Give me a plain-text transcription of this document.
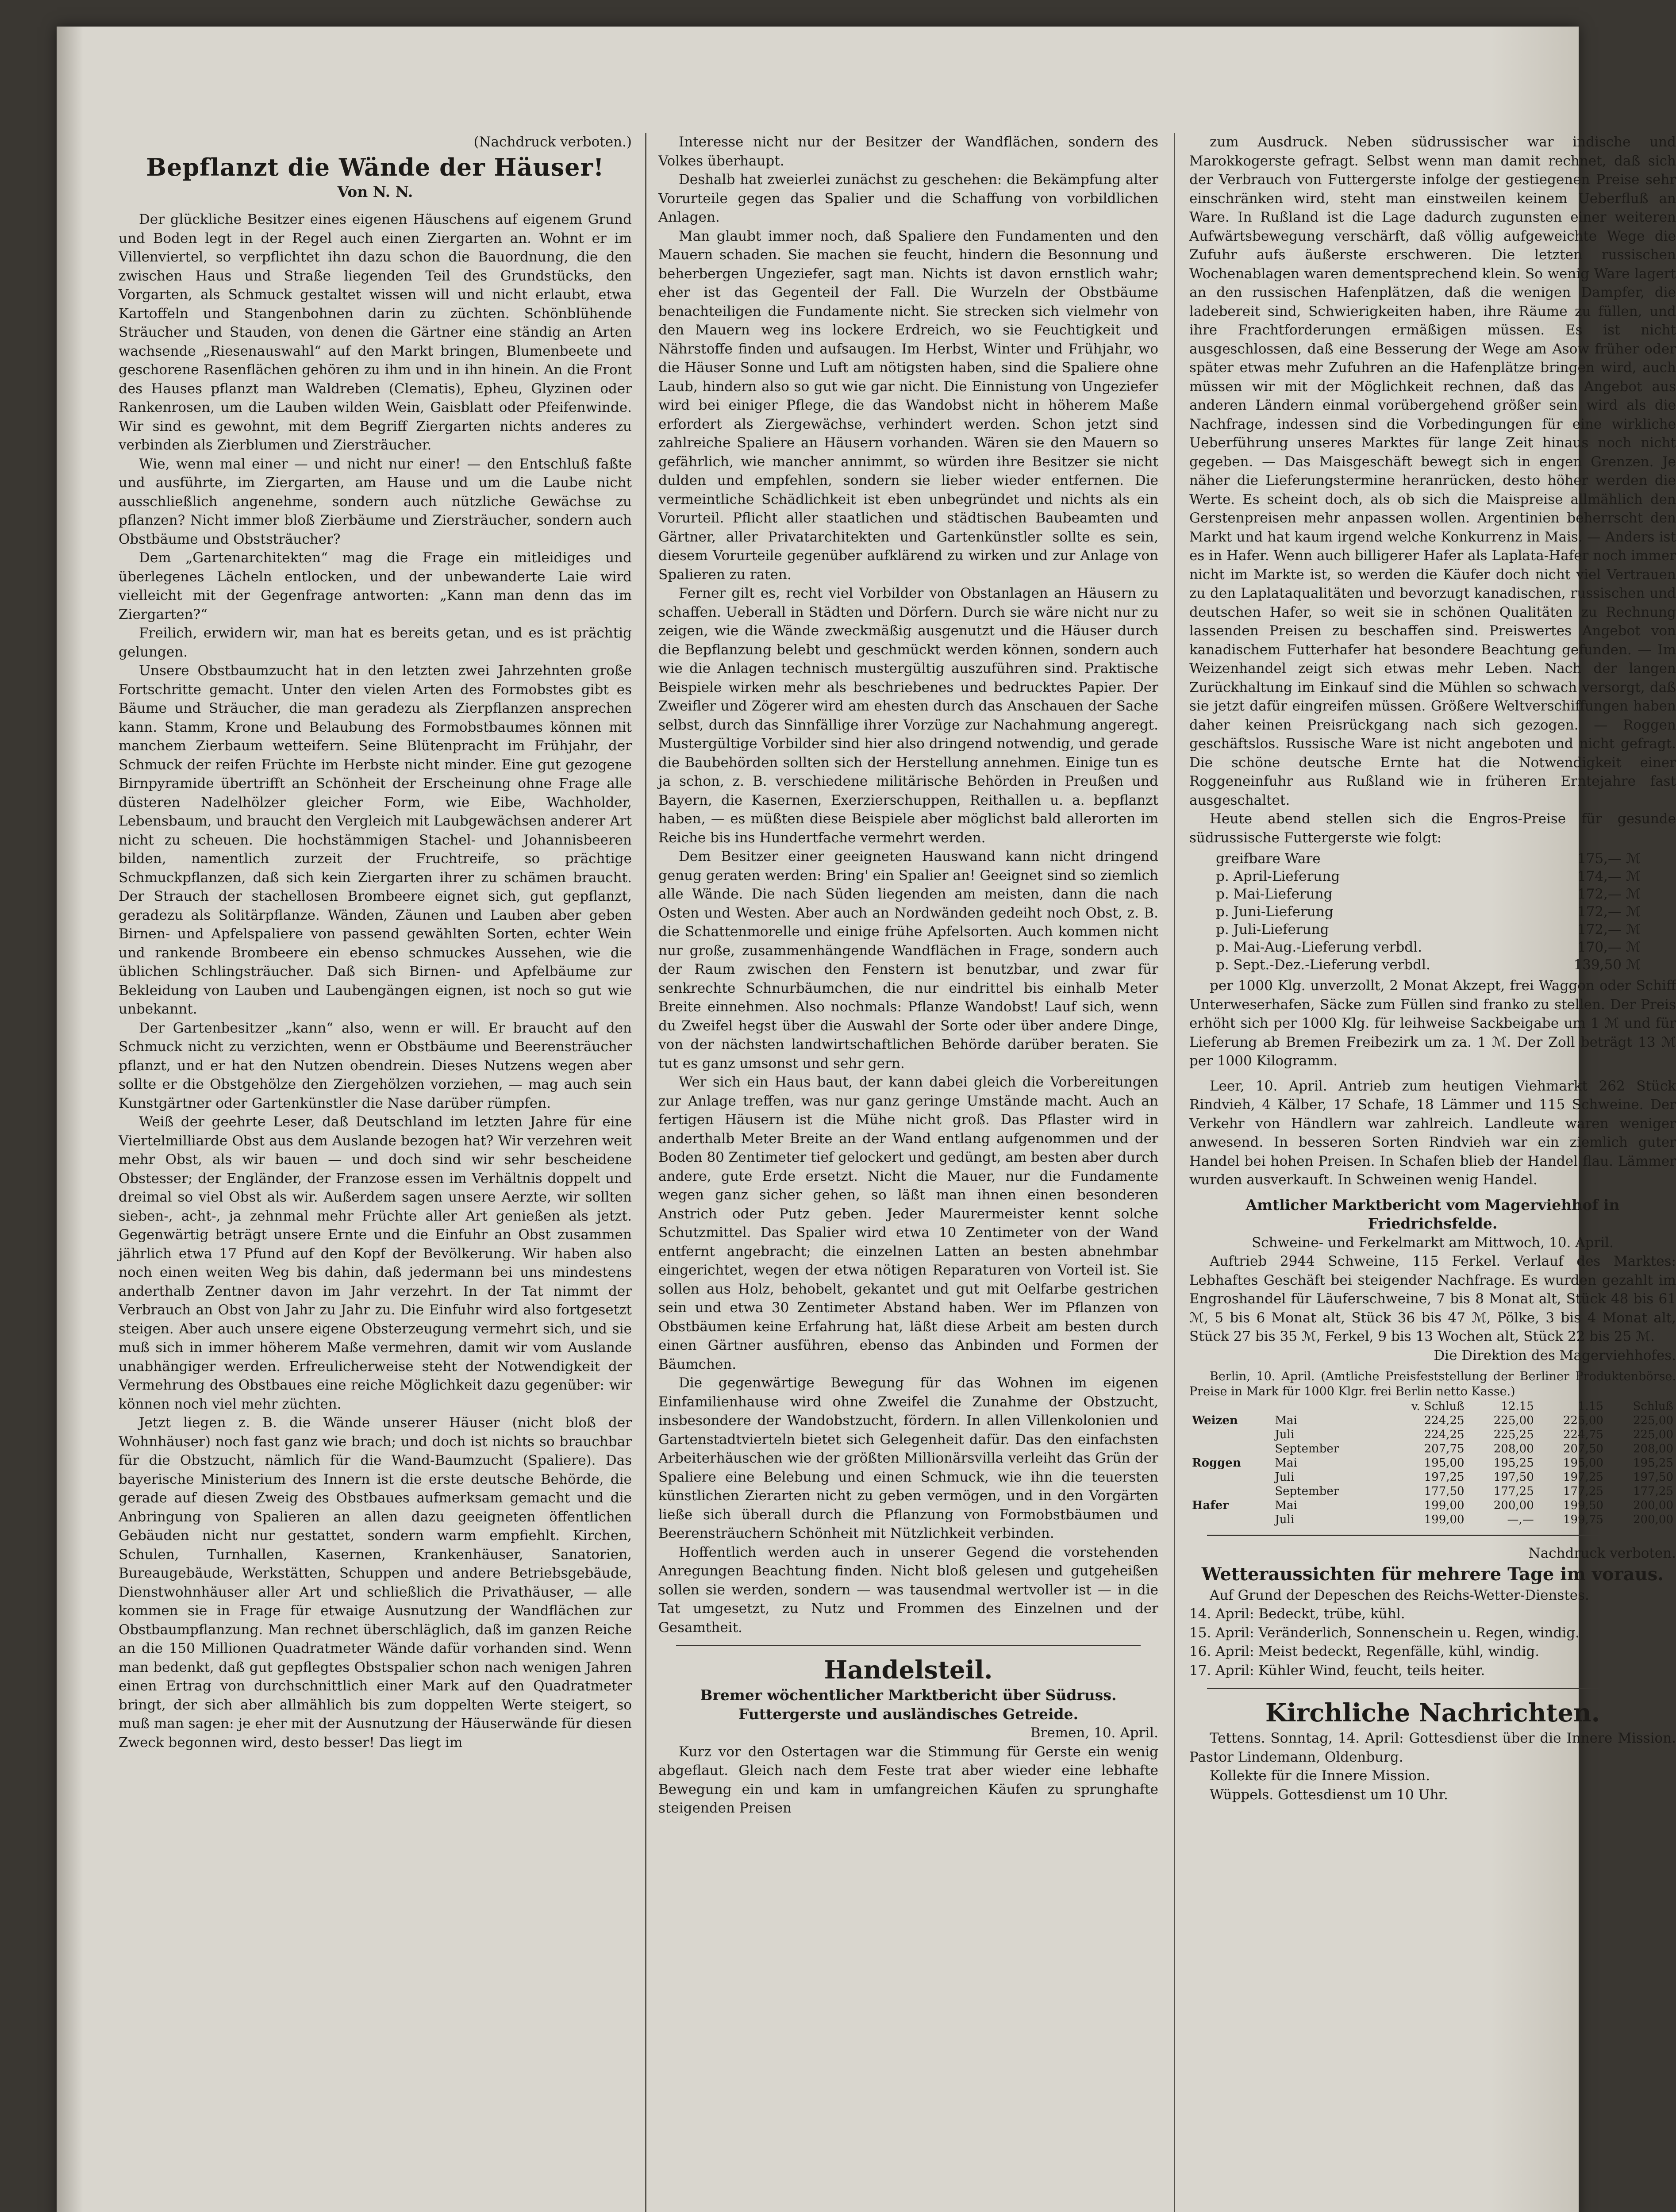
(Nachdruck verboten.)

Bepflanzt die Wände der Häuser!

Von N. N.

Der glückliche Besitzer eines eigenen Häuschens auf eigenem Grund und Boden legt in der Regel auch einen Ziergarten an. Wohnt er im Villenviertel, so verpflichtet ihn dazu schon die Bauordnung, die den zwischen Haus und Straße liegenden Teil des Grundstücks, den Vorgarten, als Schmuck gestaltet wissen will und nicht erlaubt, etwa Kartoffeln und Stangenbohnen darin zu züchten. Schönblühende Sträucher und Stauden, von denen die Gärtner eine ständig an Arten wachsende „Riesenauswahl“ auf den Markt bringen, Blumenbeete und geschorene Rasenflächen gehören zu ihm und in ihn hinein. An die Front des Hauses pflanzt man Waldreben (Clematis), Epheu, Glyzinen oder Rankenrosen, um die Lauben wilden Wein, Gaisblatt oder Pfeifenwinde. Wir sind es gewohnt, mit dem Begriff Ziergarten nichts anderes zu verbinden als Zierblumen und Ziersträucher.

Wie, wenn mal einer — und nicht nur einer! — den Entschluß faßte und ausführte, im Ziergarten, am Hause und um die Laube nicht ausschließlich angenehme, sondern auch nützliche Gewächse zu pflanzen? Nicht immer bloß Zierbäume und Ziersträucher, sondern auch Obstbäume und Obststräucher?

Dem „Gartenarchitekten“ mag die Frage ein mitleidiges und überlegenes Lächeln entlocken, und der unbewanderte Laie wird vielleicht mit der Gegenfrage antworten: „Kann man denn das im Ziergarten?“

Freilich, erwidern wir, man hat es bereits getan, und es ist prächtig gelungen.

Unsere Obstbaumzucht hat in den letzten zwei Jahrzehnten große Fortschritte gemacht. Unter den vielen Arten des Formobstes gibt es Bäume und Sträucher, die man geradezu als Zierpflanzen ansprechen kann. Stamm, Krone und Belaubung des Formobstbaumes können mit manchem Zierbaum wetteifern. Seine Blütenpracht im Frühjahr, der Schmuck der reifen Früchte im Herbste nicht minder. Eine gut gezogene Birnpyramide übertrifft an Schönheit der Erscheinung ohne Frage alle düsteren Nadelhölzer gleicher Form, wie Eibe, Wachholder, Lebensbaum, und braucht den Vergleich mit Laubgewächsen anderer Art nicht zu scheuen. Die hochstämmigen Stachel- und Johannisbeeren bilden, namentlich zurzeit der Fruchtreife, so prächtige Schmuckpflanzen, daß sich kein Ziergarten ihrer zu schämen braucht. Der Strauch der stachellosen Brombeere eignet sich, gut gepflanzt, geradezu als Solitärpflanze. Wänden, Zäunen und Lauben aber geben Birnen- und Apfelspaliere von passend gewählten Sorten, echter Wein und rankende Brombeere ein ebenso schmuckes Aussehen, wie die üblichen Schlingsträucher. Daß sich Birnen- und Apfelbäume zur Bekleidung von Lauben und Laubengängen eignen, ist noch so gut wie unbekannt.

Der Gartenbesitzer „kann“ also, wenn er will. Er braucht auf den Schmuck nicht zu verzichten, wenn er Obstbäume und Beerensträucher pflanzt, und er hat den Nutzen obendrein. Dieses Nutzens wegen aber sollte er die Obstgehölze den Ziergehölzen vorziehen, — mag auch sein Kunstgärtner oder Gartenkünstler die Nase darüber rümpfen.

Weiß der geehrte Leser, daß Deutschland im letzten Jahre für eine Viertelmilliarde Obst aus dem Auslande bezogen hat? Wir verzehren weit mehr Obst, als wir bauen — und doch sind wir sehr bescheidene Obstesser; der Engländer, der Franzose essen im Verhältnis doppelt und dreimal so viel Obst als wir. Außerdem sagen unsere Aerzte, wir sollten sieben-, acht-, ja zehnmal mehr Früchte aller Art genießen als jetzt. Gegenwärtig beträgt unsere Ernte und die Einfuhr an Obst zusammen jährlich etwa 17 Pfund auf den Kopf der Bevölkerung. Wir haben also noch einen weiten Weg bis dahin, daß jedermann bei uns mindestens anderthalb Zentner davon im Jahr verzehrt. In der Tat nimmt der Verbrauch an Obst von Jahr zu Jahr zu. Die Einfuhr wird also fortgesetzt steigen. Aber auch unsere eigene Obsterzeugung vermehrt sich, und sie muß sich in immer höherem Maße vermehren, damit wir vom Auslande unabhängiger werden. Erfreulicherweise steht der Notwendigkeit der Vermehrung des Obstbaues eine reiche Möglichkeit dazu gegenüber: wir können noch viel mehr züchten.

Jetzt liegen z. B. die Wände unserer Häuser (nicht bloß der Wohnhäuser) noch fast ganz wie brach; und doch ist nichts so brauchbar für die Obstzucht, nämlich für die Wand-Baumzucht (Spaliere). Das bayerische Ministerium des Innern ist die erste deutsche Behörde, die gerade auf diesen Zweig des Obstbaues aufmerksam gemacht und die Anbringung von Spalieren an allen dazu geeigneten öffentlichen Gebäuden nicht nur gestattet, sondern warm empfiehlt. Kirchen, Schulen, Turnhallen, Kasernen, Krankenhäuser, Sanatorien, Bureaugebäude, Werkstätten, Schuppen und andere Betriebsgebäude, Dienstwohnhäuser aller Art und schließlich die Privathäuser, — alle kommen sie in Frage für etwaige Ausnutzung der Wandflächen zur Obstbaumpflanzung. Man rechnet überschläglich, daß im ganzen Reiche an die 150 Millionen Quadratmeter Wände dafür vorhanden sind. Wenn man bedenkt, daß gut gepflegtes Obstspalier schon nach wenigen Jahren einen Ertrag von durchschnittlich einer Mark auf den Quadratmeter bringt, der sich aber allmählich bis zum doppelten Werte steigert, so muß man sagen: je eher mit der Ausnutzung der Häuserwände für diesen Zweck begonnen wird, desto besser! Das liegt im

Interesse nicht nur der Besitzer der Wandflächen, sondern des Volkes überhaupt.

Deshalb hat zweierlei zunächst zu geschehen: die Bekämpfung alter Vorurteile gegen das Spalier und die Schaffung von vorbildlichen Anlagen.

Man glaubt immer noch, daß Spaliere den Fundamenten und den Mauern schaden. Sie machen sie feucht, hindern die Besonnung und beherbergen Ungeziefer, sagt man. Nichts ist davon ernstlich wahr; eher ist das Gegenteil der Fall. Die Wurzeln der Obstbäume benachteiligen die Fundamente nicht. Sie strecken sich vielmehr von den Mauern weg ins lockere Erdreich, wo sie Feuchtigkeit und Nährstoffe finden und aufsaugen. Im Herbst, Winter und Frühjahr, wo die Häuser Sonne und Luft am nötigsten haben, sind die Spaliere ohne Laub, hindern also so gut wie gar nicht. Die Einnistung von Ungeziefer wird bei einiger Pflege, die das Wandobst nicht in höherem Maße erfordert als Ziergewächse, verhindert werden. Schon jetzt sind zahlreiche Spaliere an Häusern vorhanden. Wären sie den Mauern so gefährlich, wie mancher annimmt, so würden ihre Besitzer sie nicht dulden und empfehlen, sondern sie lieber wieder entfernen. Die vermeintliche Schädlichkeit ist eben unbegründet und nichts als ein Vorurteil. Pflicht aller staatlichen und städtischen Baubeamten und Gärtner, aller Privatarchitekten und Gartenkünstler sollte es sein, diesem Vorurteile gegenüber aufklärend zu wirken und zur Anlage von Spalieren zu raten.

Ferner gilt es, recht viel Vorbilder von Obstanlagen an Häusern zu schaffen. Ueberall in Städten und Dörfern. Durch sie wäre nicht nur zu zeigen, wie die Wände zweckmäßig ausgenutzt und die Häuser durch die Bepflanzung belebt und geschmückt werden können, sondern auch wie die Anlagen technisch mustergültig auszuführen sind. Praktische Beispiele wirken mehr als beschriebenes und bedrucktes Papier. Der Zweifler und Zögerer wird am ehesten durch das Anschauen der Sache selbst, durch das Sinnfällige ihrer Vorzüge zur Nachahmung angeregt. Mustergültige Vorbilder sind hier also dringend notwendig, und gerade die Baubehörden sollten sich der Herstellung annehmen. Einige tun es ja schon, z. B. verschiedene militärische Behörden in Preußen und Bayern, die Kasernen, Exerzierschuppen, Reithallen u. a. bepflanzt haben, — es müßten diese Beispiele aber möglichst bald allerorten im Reiche bis ins Hundertfache vermehrt werden.

Dem Besitzer einer geeigneten Hauswand kann nicht dringend genug geraten werden: Bring' ein Spalier an! Geeignet sind so ziemlich alle Wände. Die nach Süden liegenden am meisten, dann die nach Osten und Westen. Aber auch an Nordwänden gedeiht noch Obst, z. B. die Schattenmorelle und einige frühe Apfelsorten. Auch kommen nicht nur große, zusammenhängende Wandflächen in Frage, sondern auch der Raum zwischen den Fenstern ist benutzbar, und zwar für senkrechte Schnurbäumchen, die nur eindrittel bis einhalb Meter Breite einnehmen. Also nochmals: Pflanze Wandobst! Lauf sich, wenn du Zweifel hegst über die Auswahl der Sorte oder über andere Dinge, von der nächsten landwirtschaftlichen Behörde darüber beraten. Sie tut es ganz umsonst und sehr gern.

Wer sich ein Haus baut, der kann dabei gleich die Vorbereitungen zur Anlage treffen, was nur ganz geringe Umstände macht. Auch an fertigen Häusern ist die Mühe nicht groß. Das Pflaster wird in anderthalb Meter Breite an der Wand entlang aufgenommen und der Boden 80 Zentimeter tief gelockert und gedüngt, am besten aber durch andere, gute Erde ersetzt. Nicht die Mauer, nur die Fundamente wegen ganz sicher gehen, so läßt man ihnen einen besonderen Anstrich oder Putz geben. Jeder Maurermeister kennt solche Schutzmittel. Das Spalier wird etwa 10 Zentimeter von der Wand entfernt angebracht; die einzelnen Latten an besten abnehmbar eingerichtet, wegen der etwa nötigen Reparaturen von Vorteil ist. Sie sollen aus Holz, behobelt, gekantet und gut mit Oelfarbe gestrichen sein und etwa 30 Zentimeter Abstand haben. Wer im Pflanzen von Obstbäumen keine Erfahrung hat, läßt diese Arbeit am besten durch einen Gärtner ausführen, ebenso das Anbinden und Formen der Bäumchen.

Die gegenwärtige Bewegung für das Wohnen im eigenen Einfamilienhause wird ohne Zweifel die Zunahme der Obstzucht, insbesondere der Wandobstzucht, fördern. In allen Villenkolonien und Gartenstadtvierteln bietet sich Gelegenheit dafür. Das den einfachsten Arbeiterhäuschen wie der größten Millionärsvilla verleiht das Grün der Spaliere eine Belebung und einen Schmuck, wie ihn die teuersten künstlichen Zierarten nicht zu geben vermögen, und in den Vorgärten ließe sich überall durch die Pflanzung von Formobstbäumen und Beerensträuchern Schönheit mit Nützlichkeit verbinden.

Hoffentlich werden auch in unserer Gegend die vorstehenden Anregungen Beachtung finden. Nicht bloß gelesen und gutgeheißen sollen sie werden, sondern — was tausendmal wertvoller ist — in die Tat umgesetzt, zu Nutz und Frommen des Einzelnen und der Gesamtheit.

Handelsteil.

Bremer wöchentlicher Marktbericht über Südruss. Futtergerste und ausländisches Getreide.

Bremen, 10. April.

Kurz vor den Ostertagen war die Stimmung für Gerste ein wenig abgeflaut. Gleich nach dem Feste trat aber wieder eine lebhafte Bewegung ein und kam in umfangreichen Käufen zu sprunghafte steigenden Preisen

zum Ausdruck. Neben südrussischer war indische und Marokkogerste gefragt. Selbst wenn man damit rechnet, daß sich der Verbrauch von Futtergerste infolge der gestiegenen Preise sehr einschränken wird, steht man einstweilen keinem Ueberfluß an Ware. In Rußland ist die Lage dadurch zugunsten einer weiteren Aufwärtsbewegung verschärft, daß völlig aufgeweichte Wege die Zufuhr aufs äußerste erschweren. Die letzten russischen Wochenablagen waren dementsprechend klein. So wenig Ware lagert an den russischen Hafenplätzen, daß die wenigen Dampfer, die ladebereit sind, Schwierigkeiten haben, ihre Räume zu füllen, und ihre Frachtforderungen ermäßigen müssen. Es ist nicht ausgeschlossen, daß eine Besserung der Wege am Asow früher oder später etwas mehr Zufuhren an die Hafenplätze bringen wird, auch müssen wir mit der Möglichkeit rechnen, daß das Angebot aus anderen Ländern einmal vorübergehend größer sein wird als die Nachfrage, indessen sind die Vorbedingungen für eine wirkliche Ueberführung unseres Marktes für lange Zeit hinaus noch nicht gegeben. — Das Maisgeschäft bewegt sich in engen Grenzen. Je näher die Lieferungstermine heranrücken, desto höher werden die Werte. Es scheint doch, als ob sich die Maispreise allmählich den Gerstenpreisen mehr anpassen wollen. Argentinien beherrscht den Markt und hat kaum irgend welche Konkurrenz in Mais. — Anders ist es in Hafer. Wenn auch billigerer Hafer als Laplata-Hafer noch immer nicht im Markte ist, so werden die Käufer doch nicht viel Vertrauen zu den Laplataqualitäten und bevorzugt kanadischen, russischen und deutschen Hafer, so weit sie in schönen Qualitäten zu Rechnung lassenden Preisen zu beschaffen sind. Preiswertes Angebot von kanadischem Futterhafer hat besondere Beachtung gefunden. — Im Weizenhandel zeigt sich etwas mehr Leben. Nach der langen Zurückhaltung im Einkauf sind die Mühlen so schwach versorgt, daß sie jetzt dafür eingreifen müssen. Größere Weltverschiffungen haben daher keinen Preisrückgang nach sich gezogen. — Roggen geschäftslos. Russische Ware ist nicht angeboten und nicht gefragt. Die schöne deutsche Ernte hat die Notwendigkeit einer Roggeneinfuhr aus Rußland wie in früheren Erntejahre fast ausgeschaltet.

Heute abend stellen sich die Engros-Preise für gesunde südrussische Futtergerste wie folgt:

greifbare Ware	175,— ℳ
p. April-Lieferung	174,— ℳ
p. Mai-Lieferung	172,— ℳ
p. Juni-Lieferung	172,— ℳ
p. Juli-Lieferung	172,— ℳ
p. Mai-Aug.-Lieferung verbdl.	170,— ℳ
p. Sept.-Dez.-Lieferung verbdl.	139,50 ℳ

per 1000 Klg. unverzollt, 2 Monat Akzept, frei Waggon oder Schiff Unterweserhafen, Säcke zum Füllen sind franko zu stellen. Der Preis erhöht sich per 1000 Klg. für leihweise Sackbeigabe um 1 ℳ und für Lieferung ab Bremen Freibezirk um za. 1 ℳ. Der Zoll beträgt 13 ℳ per 1000 Kilogramm.

Leer, 10. April. Antrieb zum heutigen Viehmarkt 262 Stück Rindvieh, 4 Kälber, 17 Schafe, 18 Lämmer und 115 Schweine. Der Verkehr von Händlern war zahlreich. Landleute waren weniger anwesend. In besseren Sorten Rindvieh war ein ziemlich guter Handel bei hohen Preisen. In Schafen blieb der Handel flau. Lämmer wurden ausverkauft. In Schweinen wenig Handel.

Amtlicher Marktbericht vom Magerviehhof in Friedrichsfelde.

Schweine- und Ferkelmarkt am Mittwoch, 10. April.

Auftrieb 2944 Schweine, 115 Ferkel. Verlauf des Marktes: Lebhaftes Geschäft bei steigender Nachfrage. Es wurden gezahlt im Engroshandel für Läuferschweine, 7 bis 8 Monat alt, Stück 48 bis 61 ℳ, 5 bis 6 Monat alt, Stück 36 bis 47 ℳ, Pölke, 3 bis 4 Monat alt, Stück 27 bis 35 ℳ, Ferkel, 9 bis 13 Wochen alt, Stück 22 bis 25 ℳ.

Die Direktion des Magerviehhofes.

Berlin, 10. April. (Amtliche Preisfeststellung der Berliner Produktenbörse. Preise in Mark für 1000 Klgr. frei Berlin netto Kasse.)

		v. Schluß	12.15	1.15	Schluß
Weizen	Mai	224,25	225,00	225,00	225,00
	Juli	224,25	225,25	224,75	225,00
	September	207,75	208,00	207,50	208,00
Roggen	Mai	195,00	195,25	195,00	195,25
	Juli	197,25	197,50	197,25	197,50
	September	177,50	177,25	177,25	177,25
Hafer	Mai	199,00	200,00	199,50	200,00
	Juli	199,00	—,—	199,75	200,00

Nachdruck verboten.

Wetteraussichten für mehrere Tage im voraus.

Auf Grund der Depeschen des Reichs-Wetter-Dienstes.

14. April: Bedeckt, trübe, kühl.

15. April: Veränderlich, Sonnenschein u. Regen, windig.

16. April: Meist bedeckt, Regenfälle, kühl, windig.

17. April: Kühler Wind, feucht, teils heiter.

Kirchliche Nachrichten.

Tettens. Sonntag, 14. April: Gottesdienst über die Innere Mission. Pastor Lindemann, Oldenburg.

Kollekte für die Innere Mission.

Wüppels. Gottesdienst um 10 Uhr.
